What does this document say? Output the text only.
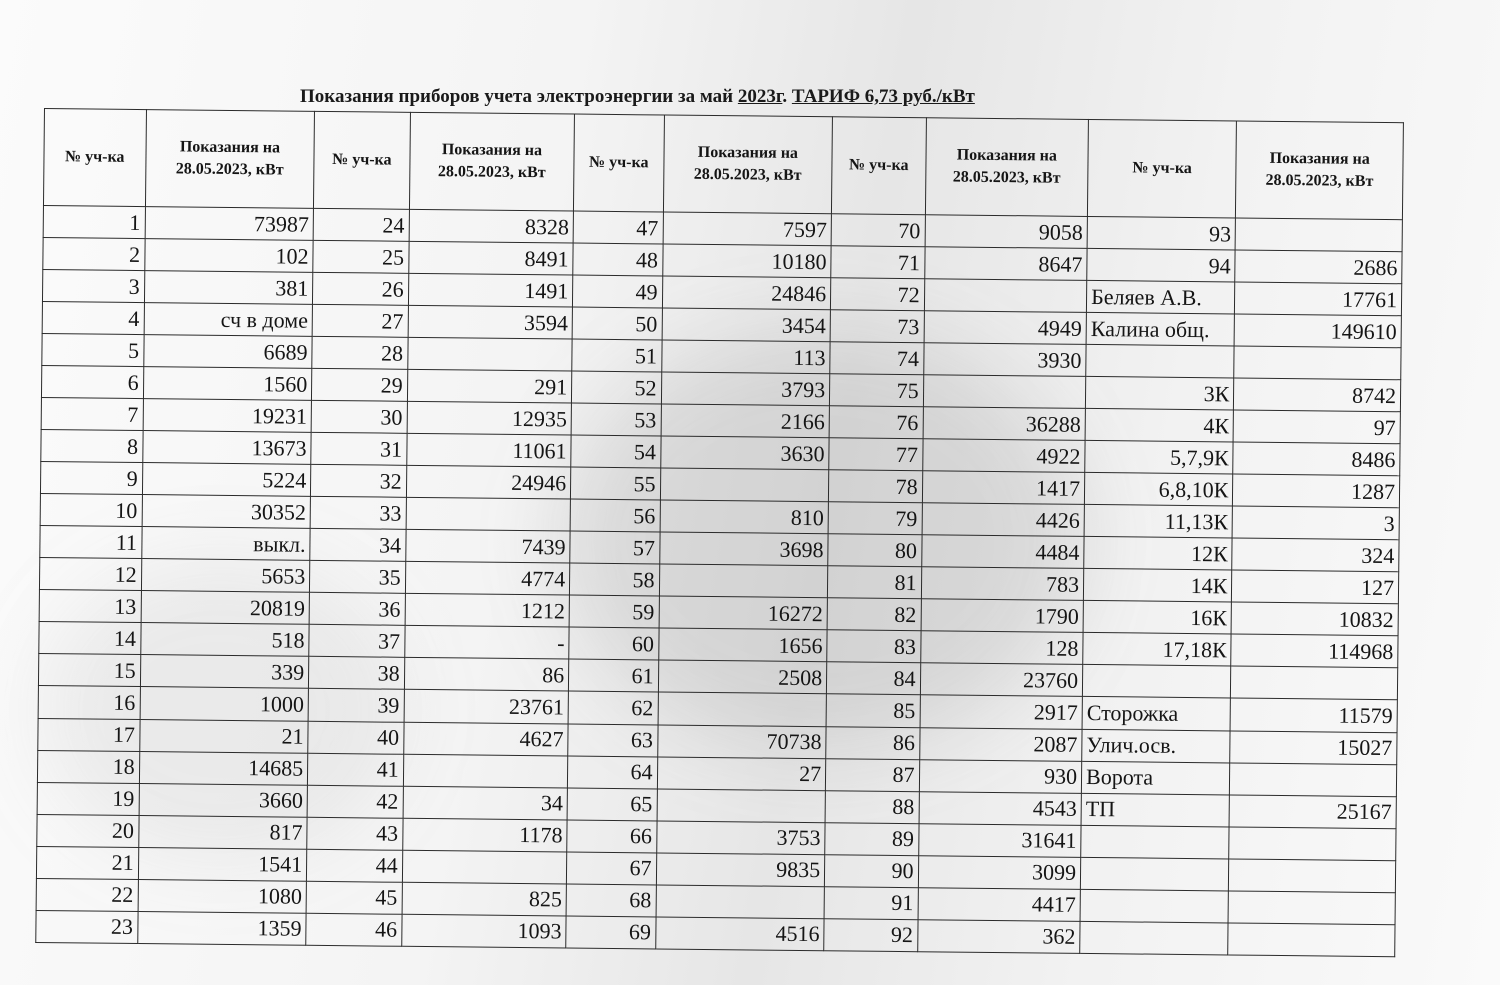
Показания приборов учета электроэнергии за май 2023г. ТАРИФ 6,73 руб./кВт
№ уч-ка	Показания на 28.05.2023, кВт	№ уч-ка	Показания на 28.05.2023, кВт	№ уч-ка	Показания на 28.05.2023, кВт	№ уч-ка	Показания на 28.05.2023, кВт	№ уч-ка	Показания на 28.05.2023, кВт
1	73987	24	8328	47	7597	70	9058	93	
2	102	25	8491	48	10180	71	8647	94	2686
3	381	26	1491	49	24846	72		Беляев А.В.	17761
4	сч в доме	27	3594	50	3454	73	4949	Калина общ.	149610
5	6689	28		51	113	74	3930		
6	1560	29	291	52	3793	75		3К	8742
7	19231	30	12935	53	2166	76	36288	4К	97
8	13673	31	11061	54	3630	77	4922	5,7,9К	8486
9	5224	32	24946	55		78	1417	6,8,10К	1287
10	30352	33		56	810	79	4426	11,13К	3
11	выкл.	34	7439	57	3698	80	4484	12К	324
12	5653	35	4774	58		81	783	14К	127
13	20819	36	1212	59	16272	82	1790	16К	10832
14	518	37	-	60	1656	83	128	17,18К	114968
15	339	38	86	61	2508	84	23760		
16	1000	39	23761	62		85	2917	Сторожка	11579
17	21	40	4627	63	70738	86	2087	Улич.осв.	15027
18	14685	41		64	27	87	930	Ворота	
19	3660	42	34	65		88	4543	ТП	25167
20	817	43	1178	66	3753	89	31641		
21	1541	44		67	9835	90	3099		
22	1080	45	825	68		91	4417		
23	1359	46	1093	69	4516	92	362		
